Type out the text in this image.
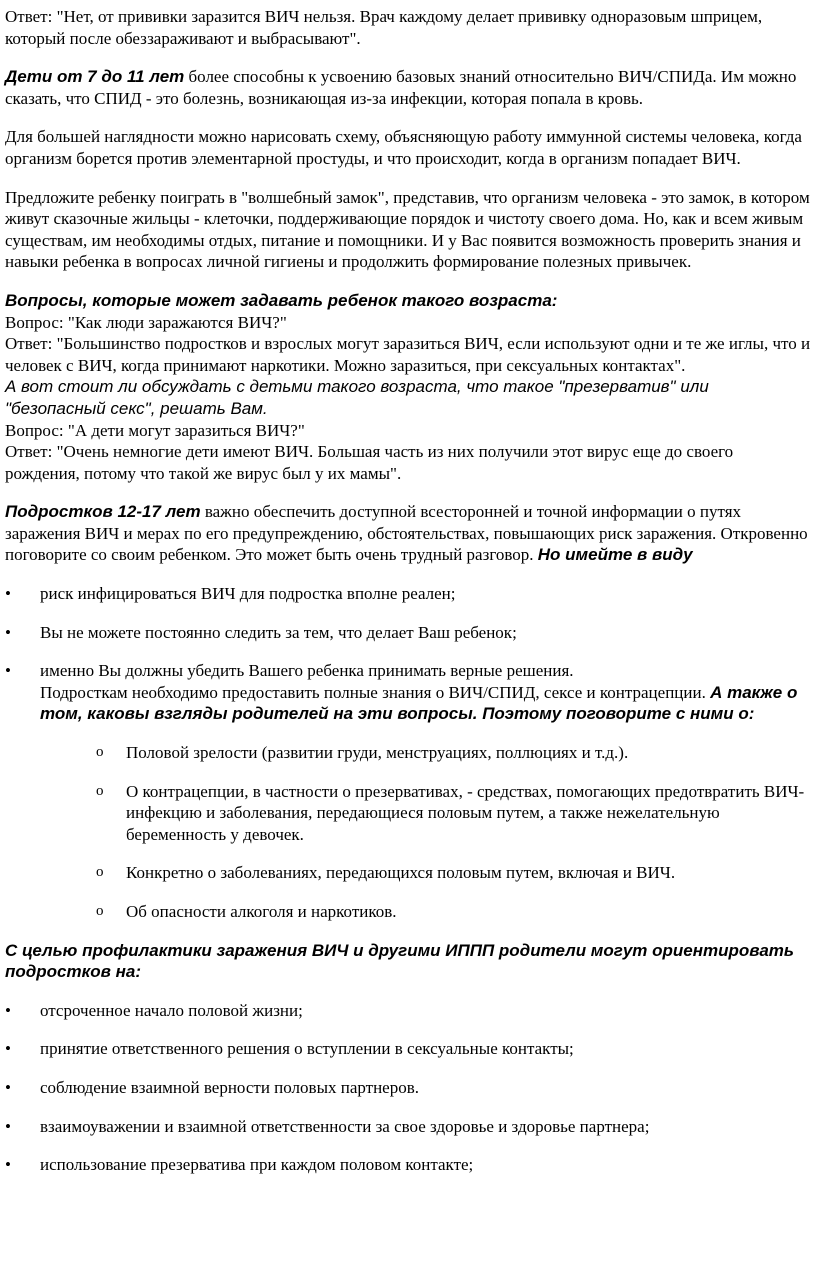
Ответ: "Нет, от прививки заразится ВИЧ нельзя. Врач каждому делает прививку одноразовым шприцем, который после обеззараживают и выбрасывают".

Дети от 7 до 11 лет более способны к усвоению базовых знаний относительно ВИЧ/СПИДа. Им можно сказать, что СПИД - это болезнь, возникающая из-за инфекции, которая попала в кровь.

Для большей наглядности можно нарисовать схему, объясняющую работу иммунной системы человека, когда организм борется против элементарной простуды, и что происходит, когда в организм попадает ВИЧ.

Предложите ребенку поиграть в "волшебный замок", представив, что организм человека - это замок, в котором живут сказочные жильцы - клеточки, поддерживающие порядок и чистоту своего дома. Но, как и всем живым существам, им необходимы отдых, питание и помощники. И у Вас появится возможность проверить знания и навыки ребенка в вопросах личной гигиены и продолжить формирование полезных привычек.

Вопросы, которые может задавать ребенок такого возраста:
Вопрос: "Как люди заражаются ВИЧ?"
Ответ: "Большинство подростков и взрослых могут заразиться ВИЧ, если используют одни и те же иглы, что и человек с ВИЧ, когда принимают наркотики. Можно заразиться, при сексуальных контактах".
А вот стоит ли обсуждать с детьми такого возраста, что такое "презерватив" или "безопасный секс", решать Вам.
Вопрос: "А дети могут заразиться ВИЧ?"
Ответ: "Очень немногие дети имеют ВИЧ. Большая часть из них получили этот вирус еще до своего рождения, потому что такой же вирус был у их мамы".

Подростков 12-17 лет важно обеспечить доступной всесторонней и точной информации о путях заражения ВИЧ и мерах по его предупреждению, обстоятельствах, повышающих риск заражения. Откровенно поговорите со своим ребенком. Это может быть очень трудный разговор. Но имейте в виду

• риск инфицироваться ВИЧ для подростка вполне реален;
• Вы не можете постоянно следить за тем, что делает Ваш ребенок;
• именно Вы должны убедить Вашего ребенка принимать верные решения.
Подросткам необходимо предоставить полные знания о ВИЧ/СПИД, сексе и контрацепции. А также о том, каковы взгляды родителей на эти вопросы. Поэтому поговорите с ними о:
o Половой зрелости (развитии груди, менструациях, поллюциях и т.д.).
o О контрацепции, в частности о презервативах, - средствах, помогающих предотвратить ВИЧ-инфекцию и заболевания, передающиеся половым путем, а также нежелательную беременность у девочек.
o Конкретно о заболеваниях, передающихся половым путем, включая и ВИЧ.
o Об опасности алкоголя и наркотиков.
С целью профилактики заражения ВИЧ и другими ИППП родители могут ориентировать подростков на:
• отсроченное начало половой жизни;
• принятие ответственного решения о вступлении в сексуальные контакты;
• соблюдение взаимной верности половых партнеров.
• взаимоуважении и взаимной ответственности за свое здоровье и здоровье партнера;
• использование презерватива при каждом половом контакте;
